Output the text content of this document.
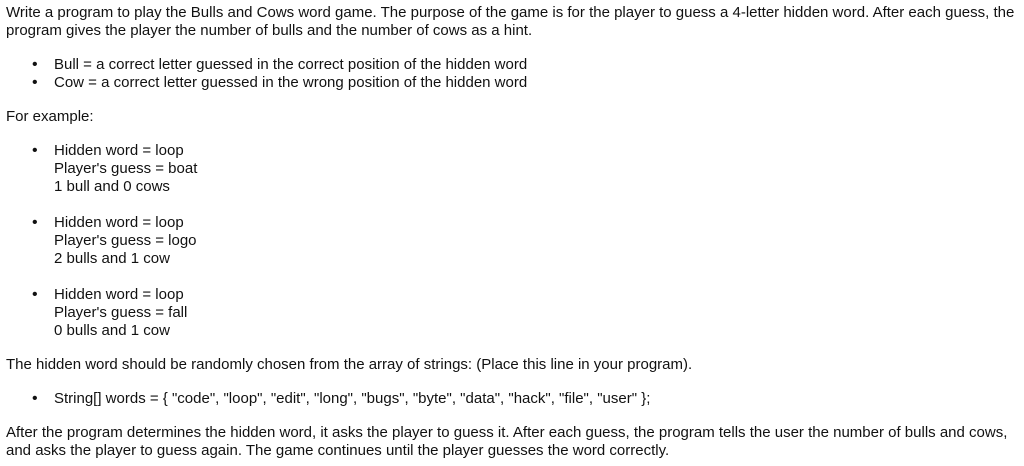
Write a program to play the Bulls and Cows word game. The purpose of the game is for the player to guess a 4-letter hidden word. After each guess, the program gives the player the number of bulls and the number of cows as a hint.

• Bull = a correct letter guessed in the correct position of the hidden word
• Cow = a correct letter guessed in the wrong position of the hidden word

For example:

• Hidden word = loop
Player's guess = boat
1 bull and 0 cows
• Hidden word = loop
Player's guess = logo
2 bulls and 1 cow
• Hidden word = loop
Player's guess = fall
0 bulls and 1 cow

The hidden word should be randomly chosen from the array of strings: (Place this line in your program).

• String[] words = { "code", "loop", "edit", "long", "bugs", "byte", "data", "hack", "file", "user" };

After the program determines the hidden word, it asks the player to guess it. After each guess, the program tells the user the number of bulls and cows, and asks the player to guess again. The game continues until the player guesses the word correctly.
